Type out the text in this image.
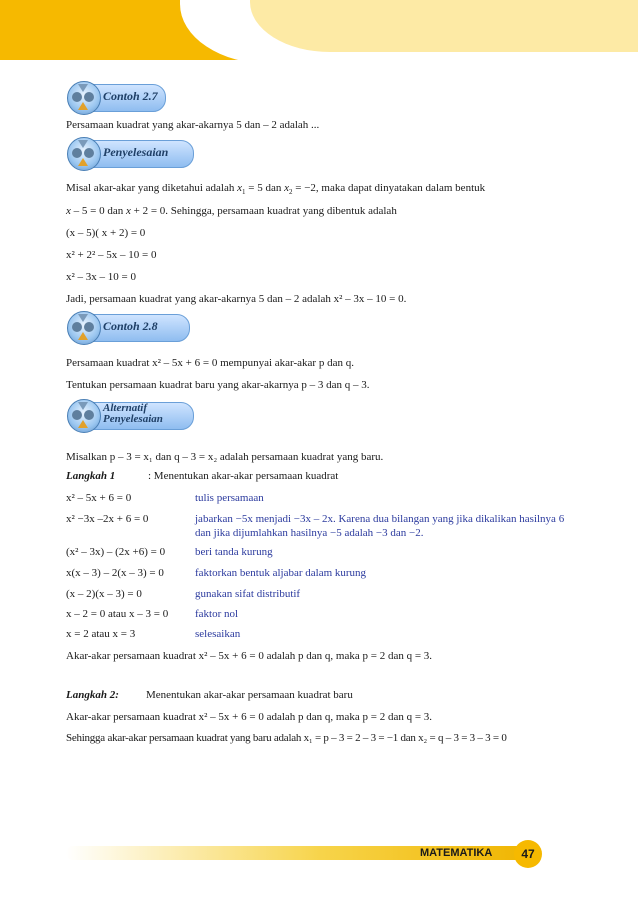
Contoh 2.7
Persamaan kuadrat yang akar-akarnya 5 dan – 2 adalah ...
Penyelesaian
Misal akar-akar yang diketahui adalah $x_1 = 5$ dan $x_2 = -2$, maka dapat dinyatakan dalam bentuk
x – 5 = 0 dan x + 2 = 0. Sehingga, persamaan kuadrat yang dibentuk adalah
(x – 5)( x + 2) = 0
x² + 2² – 5x – 10 = 0
x² – 3x – 10 = 0
Jadi, persamaan kuadrat yang akar-akarnya 5 dan – 2 adalah x² – 3x – 10 = 0.
Contoh 2.8
Persamaan kuadrat x² – 5x + 6 = 0 mempunyai akar-akar p dan q.
Tentukan persamaan kuadrat baru yang akar-akarnya p – 3 dan q – 3.
Alternatif
Penyelesaian
Misalkan p – 3 = x₁ dan q – 3 = x₂ adalah persamaan kuadrat yang baru.
Langkah 1	: Menentukan akar-akar persamaan kuadrat
x² – 5x + 6 = 0	tulis persamaan
x² −3x –2x + 6 = 0	jabarkan −5x menjadi −3x – 2x. Karena dua bilangan yang jika dikalikan hasilnya 6 dan jika dijumlahkan hasilnya −5 adalah −3 dan −2.
(x² – 3x) – (2x +6) = 0	beri tanda kurung
x(x – 3) – 2(x – 3) = 0	faktorkan bentuk aljabar dalam kurung
(x – 2)(x – 3) = 0	gunakan sifat distributif
x – 2 = 0 atau x – 3 = 0 faktor nol
x = 2 atau x = 3	selesaikan
Akar-akar persamaan kuadrat x² – 5x + 6 = 0 adalah p dan q, maka p = 2 dan q = 3.
Langkah 2: Menentukan akar-akar persamaan kuadrat baru
Akar-akar persamaan kuadrat x² – 5x + 6 = 0 adalah p dan q, maka p = 2 dan q = 3.
Sehingga akar-akar persamaan kuadrat yang baru adalah x₁ = p – 3 = 2 – 3 = −1 dan x₂ = q – 3 = 3 – 3 = 0
MATEMATIKA	47
